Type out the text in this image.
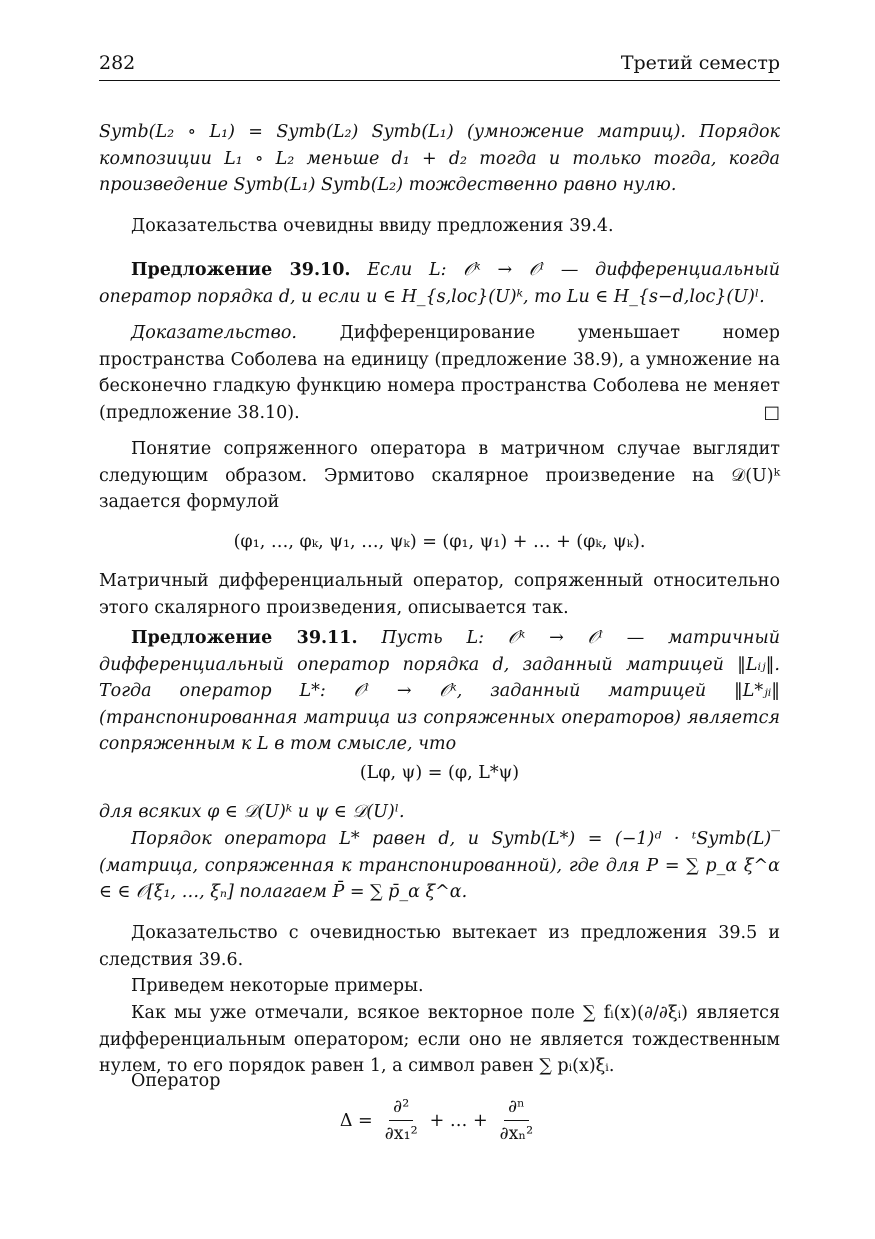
282	Третий семестр
Symb(L₂ ∘ L₁) = Symb(L₂) Symb(L₁) (умножение матриц). Порядок композиции L₁ ∘ L₂ меньше d₁ + d₂ тогда и только тогда, когда произведение Symb(L₁) Symb(L₂) тождественно равно нулю.
Доказательства очевидны ввиду предложения 39.4.
Предложение 39.10. Если L: 𝒪ᵏ → 𝒪ˡ — дифференциальный оператор порядка d, и если u ∈ H_{s,loc}(U)ᵏ, то Lu ∈ H_{s−d,loc}(U)ˡ.
Доказательство. Дифференцирование уменьшает номер пространства Соболева на единицу (предложение 38.9), а умножение на бесконечно гладкую функцию номера пространства Соболева не меняет (предложение 38.10).	□
Понятие сопряженного оператора в матричном случае выглядит следующим образом. Эрмитово скалярное произведение на 𝒟(U)ᵏ задается формулой
(φ₁, …, φₖ, ψ₁, …, ψₖ) = (φ₁, ψ₁) + … + (φₖ, ψₖ).
Матричный дифференциальный оператор, сопряженный относительно этого скалярного произведения, описывается так.
Предложение 39.11. Пусть L: 𝒪ᵏ → 𝒪ˡ — матричный дифференциальный оператор порядка d, заданный матрицей ‖Lᵢⱼ‖. Тогда оператор L*: 𝒪ˡ → 𝒪ᵏ, заданный матрицей ‖L*ⱼᵢ‖ (транспонированная матрица из сопряженных операторов) является сопряженным к L в том смысле, что
(Lφ, ψ) = (φ, L*ψ)
для всяких φ ∈ 𝒟(U)ᵏ и ψ ∈ 𝒟(U)ˡ.
Порядок оператора L* равен d, и Symb(L*) = (−1)ᵈ · ᵗSymb(L)‾ (матрица, сопряженная к транспонированной), где для P = ∑ p_α ξ^α ∈ ∈ 𝒪[ξ₁, …, ξₙ] полагаем P̄ = ∑ p̄_α ξ^α.
Доказательство с очевидностью вытекает из предложения 39.5 и следствия 39.6.
Приведем некоторые примеры.
Как мы уже отмечали, всякое векторное поле ∑ fᵢ(x)(∂/∂ξᵢ) является дифференциальным оператором; если оно не является тождественным нулем, то его порядок равен 1, а символ равен ∑ pᵢ(x)ξᵢ.
Оператор
$\Delta = \frac{\text{∂²}}{\text{∂x₁²}}$ + … + $\frac{\text{∂ⁿ}}{\text{∂xₙ²}}$
